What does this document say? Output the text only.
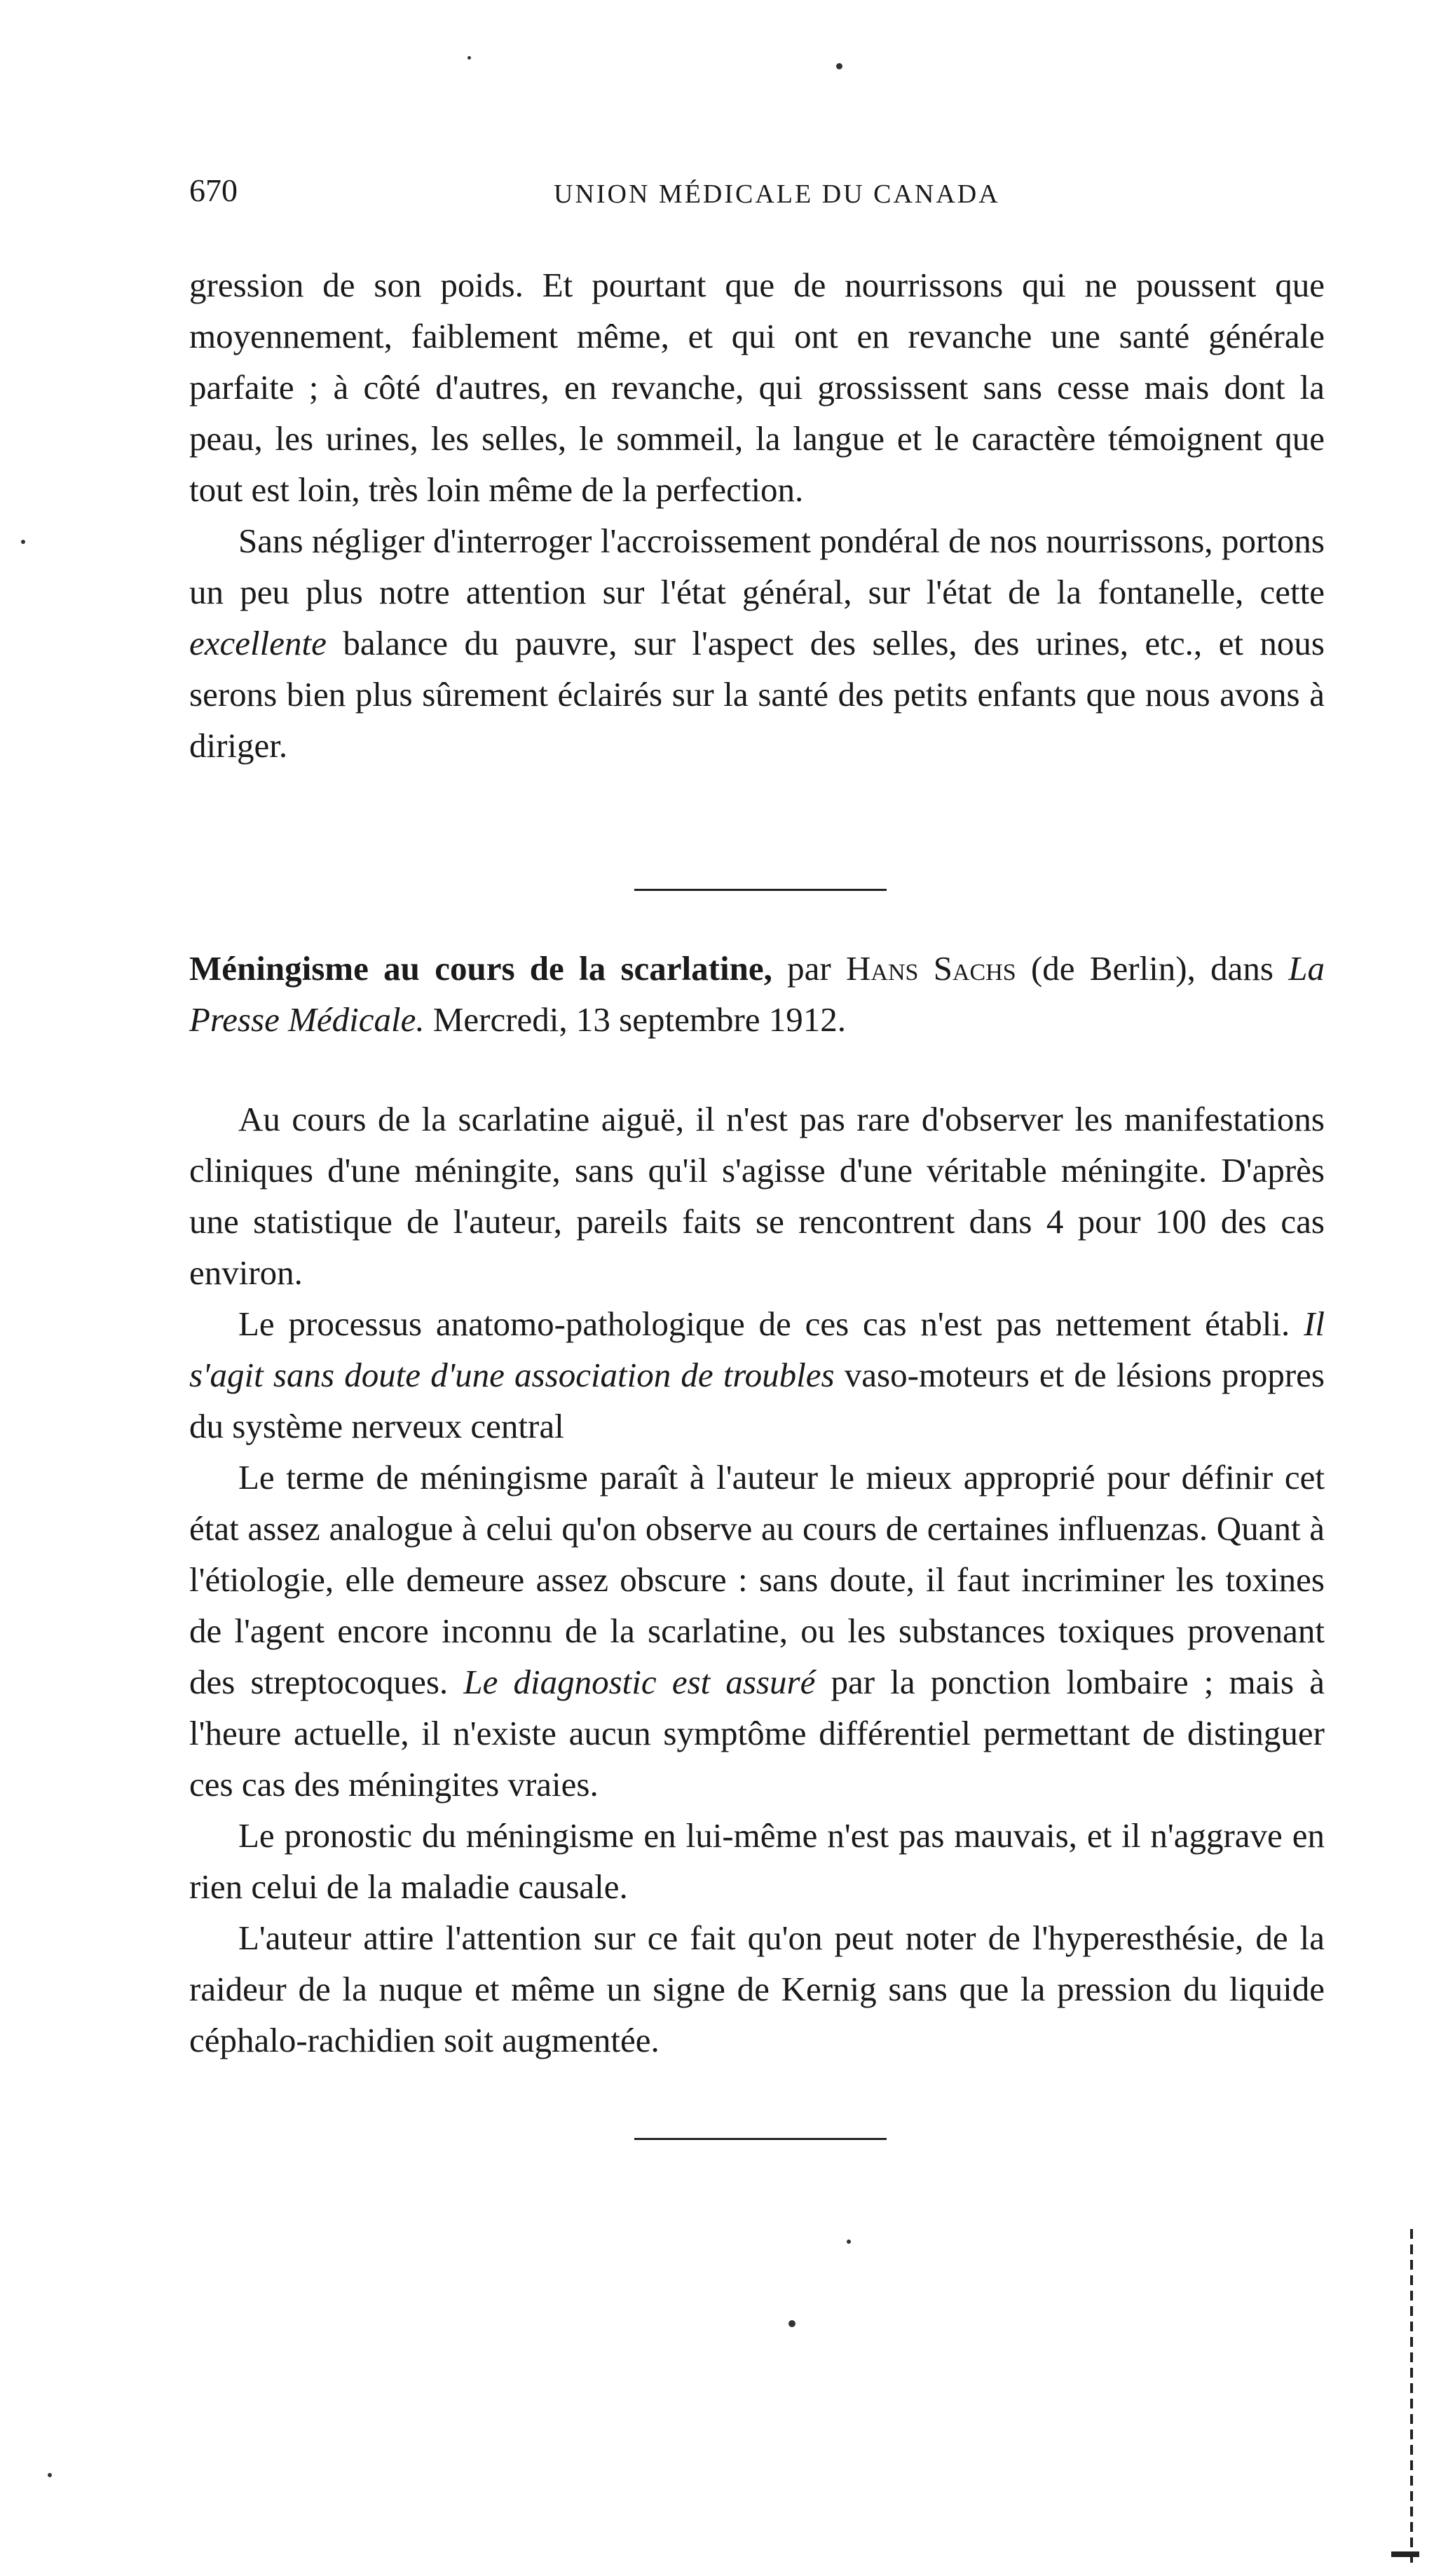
670	UNION MÉDICALE DU CANADA

gression de son poids. Et pourtant que de nourrissons qui ne poussent que moyennement, faiblement même, et qui ont en revanche une santé générale parfaite ; à côté d'autres, en revanche, qui grossissent sans cesse mais dont la peau, les urines, les selles, le sommeil, la langue et le caractère témoignent que tout est loin, très loin même de la perfection.

Sans négliger d'interroger l'accroissement pondéral de nos nourrissons, portons un peu plus notre attention sur l'état général, sur l'état de la fontanelle, cette excellente balance du pauvre, sur l'aspect des selles, des urines, etc., et nous serons bien plus sûrement éclairés sur la santé des petits enfants que nous avons à diriger.

Méningisme au cours de la scarlatine, par Hans Sachs (de Berlin), dans La Presse Médicale. Mercredi, 13 septembre 1912.

Au cours de la scarlatine aiguë, il n'est pas rare d'observer les manifestations cliniques d'une méningite, sans qu'il s'agisse d'une véritable méningite. D'après une statistique de l'auteur, pareils faits se rencontrent dans 4 pour 100 des cas environ.

Le processus anatomo-pathologique de ces cas n'est pas nettement établi. Il s'agit sans doute d'une association de troubles vaso-moteurs et de lésions propres du système nerveux central

Le terme de méningisme paraît à l'auteur le mieux approprié pour définir cet état assez analogue à celui qu'on observe au cours de certaines influenzas. Quant à l'étiologie, elle demeure assez obscure : sans doute, il faut incriminer les toxines de l'agent encore inconnu de la scarlatine, ou les substances toxiques provenant des streptocoques. Le diagnostic est assuré par la ponction lombaire ; mais à l'heure actuelle, il n'existe aucun symptôme différentiel permettant de distinguer ces cas des méningites vraies.

Le pronostic du méningisme en lui-même n'est pas mauvais, et il n'aggrave en rien celui de la maladie causale.

L'auteur attire l'attention sur ce fait qu'on peut noter de l'hyperesthésie, de la raideur de la nuque et même un signe de Kernig sans que la pression du liquide céphalo-rachidien soit augmentée.
